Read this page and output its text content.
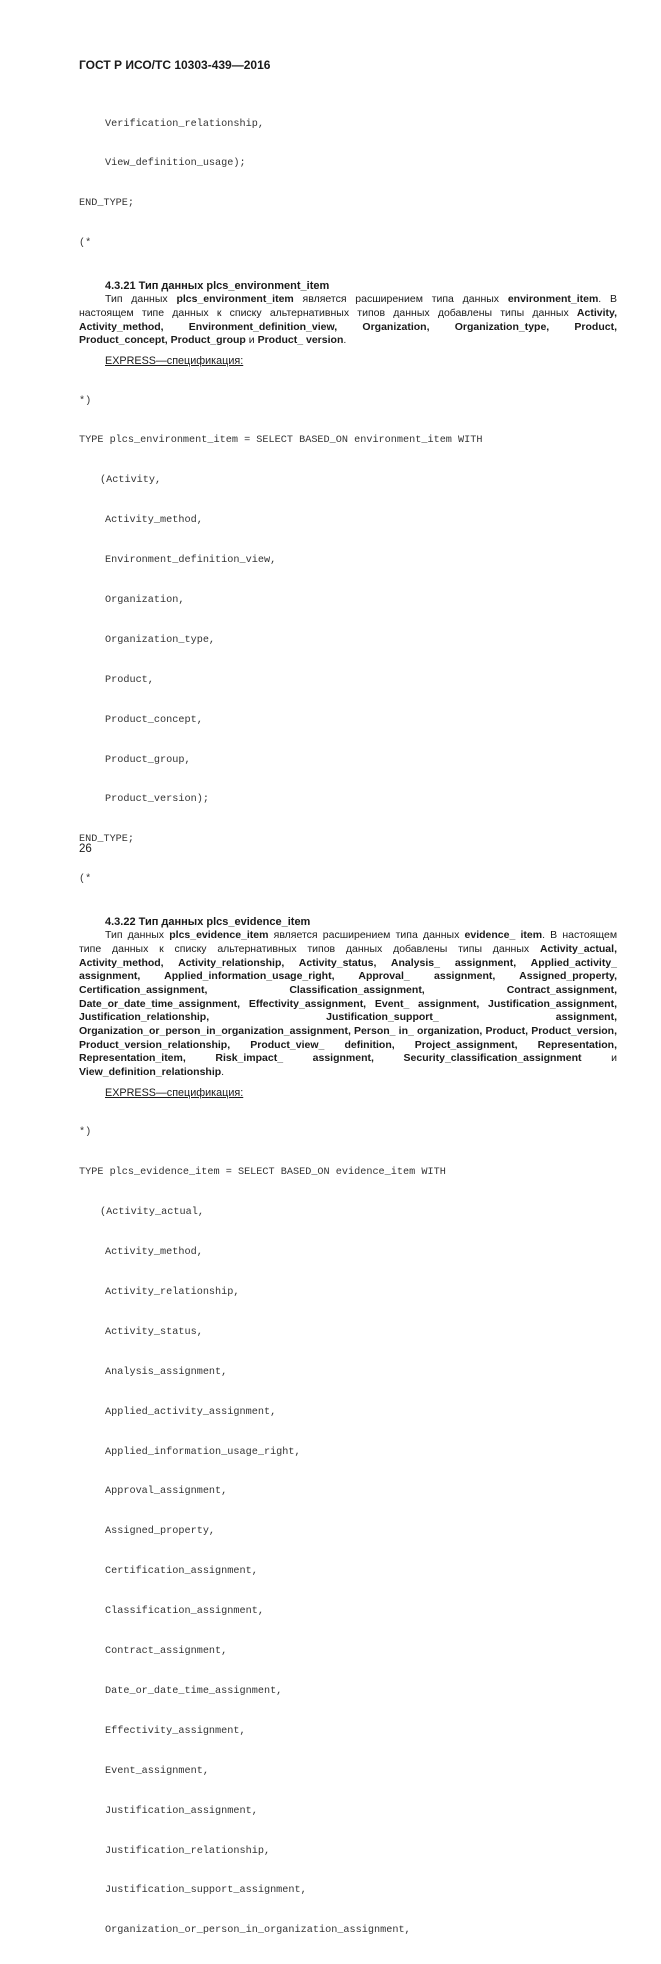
ГОСТ Р ИСО/ТС 10303-439—2016

Verification_relationship,

View_definition_usage);

END_TYPE;

(*

4.3.21 Тип данных plcs_environment_item

Тип данных plcs_environment_item является расширением типа данных environment_item. В настоящем типе данных к списку альтернативных типов данных добавлены типы данных Activity, Activity_method, Environment_definition_view, Organization, Organization_type, Product, Product_concept, Product_group и Product_ version.

EXPRESS—спецификация:

*)

TYPE plcs_environment_item = SELECT BASED_ON environment_item WITH

(Activity,

Activity_method,

Environment_definition_view,

Organization,

Organization_type,

Product,

Product_concept,

Product_group,

Product_version);

END_TYPE;

(*

4.3.22 Тип данных plcs_evidence_item

Тип данных plcs_evidence_item является расширением типа данных evidence_ item. В настоящем типе данных к списку альтернативных типов данных добавлены типы данных Activity_actual, Activity_method, Activity_relationship, Activity_status, Analysis_ assignment, Applied_activity_ assignment, Applied_information_usage_right, Approval_ assignment, Assigned_property, Certification_assignment, Classification_assignment, Contract_assignment, Date_or_date_time_assignment, Effectivity_assignment, Event_ assignment, Justification_assignment, Justification_relationship, Justification_support_ assignment, Organization_or_person_in_organization_assignment, Person_ in_ organization, Product, Product_version, Product_version_relationship, Product_view_ definition, Project_assignment, Representation, Representation_item, Risk_impact_ assignment, Security_classification_assignment	и View_definition_relationship.

EXPRESS—спецификация:

*)

TYPE plcs_evidence_item = SELECT BASED_ON evidence_item WITH

(Activity_actual,

Activity_method,

Activity_relationship,

Activity_status,

Analysis_assignment,

Applied_activity_assignment,

Applied_information_usage_right,

Approval_assignment,

Assigned_property,

Certification_assignment,

Classification_assignment,

Contract_assignment,

Date_or_date_time_assignment,

Effectivity_assignment,

Event_assignment,

Justification_assignment,

Justification_relationship,

Justification_support_assignment,

Organization_or_person_in_organization_assignment,

26
